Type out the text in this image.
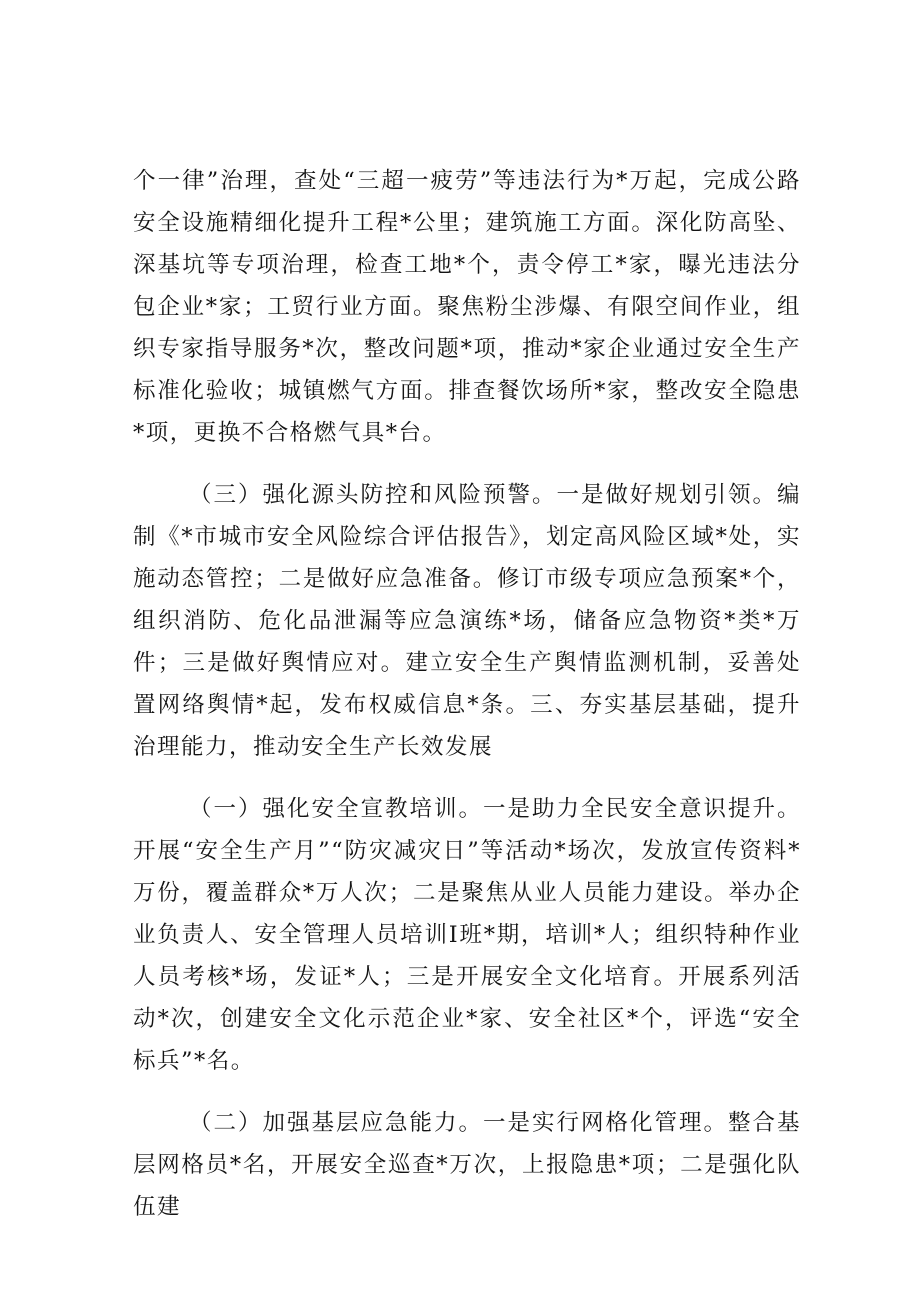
个一律”治理，查处“三超一疲劳”等违法行为*万起，完成公路安全设施精细化提升工程*公里；建筑施工方面。深化防高坠、深基坑等专项治理，检查工地*个，责令停工*家，曝光违法分包企业*家；工贸行业方面。聚焦粉尘涉爆、有限空间作业，组织专家指导服务*次，整改问题*项，推动*家企业通过安全生产标准化验收；城镇燃气方面。排查餐饮场所*家，整改安全隐患*项，更换不合格燃气具*台。

（三）强化源头防控和风险预警。一是做好规划引领。编制《*市城市安全风险综合评估报告》，划定高风险区域*处，实施动态管控；二是做好应急准备。修订市级专项应急预案*个，组织消防、危化品泄漏等应急演练*场，储备应急物资*类*万件；三是做好舆情应对。建立安全生产舆情监测机制，妥善处置网络舆情*起，发布权威信息*条。三、夯实基层基础，提升治理能力，推动安全生产长效发展

（一）强化安全宣教培训。一是助力全民安全意识提升。开展“安全生产月”“防灾减灾日”等活动*场次，发放宣传资料*万份，覆盖群众*万人次；二是聚焦从业人员能力建设。举办企业负责人、安全管理人员培训I班*期，培训*人；组织特种作业人员考核*场，发证*人；三是开展安全文化培育。开展系列活动*次，创建安全文化示范企业*家、安全社区*个，评选“安全标兵”*名。

（二）加强基层应急能力。一是实行网格化管理。整合基层网格员*名，开展安全巡查*万次，上报隐患*项；二是强化队伍建
